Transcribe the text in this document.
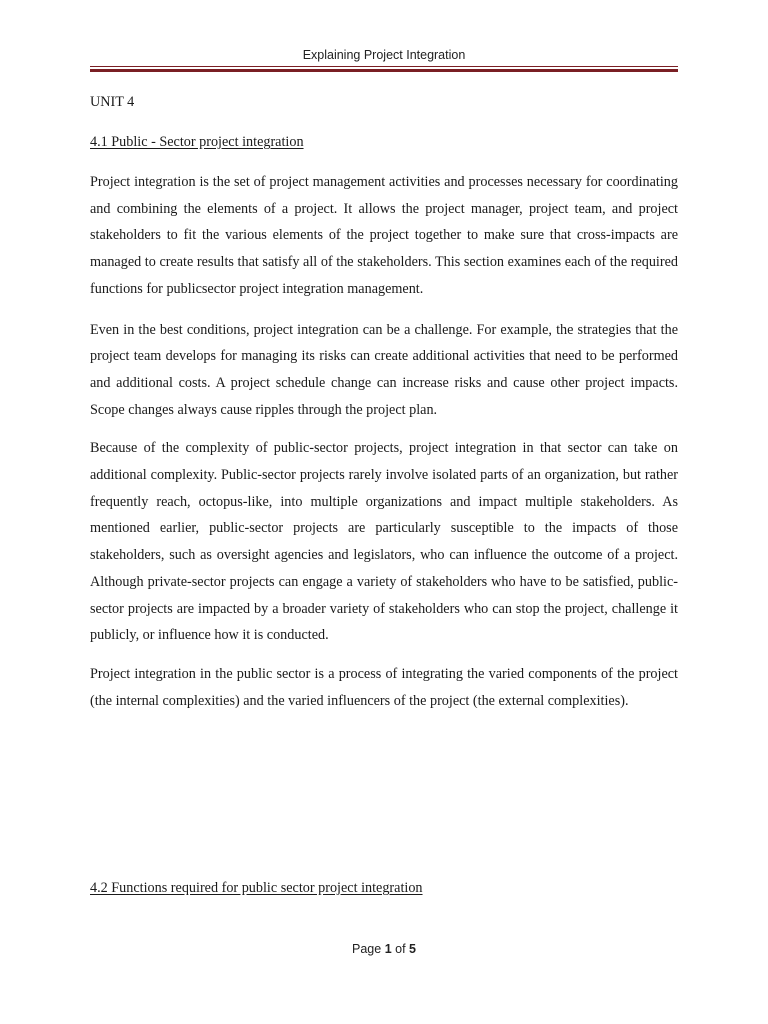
Explaining Project Integration

UNIT 4

4.1 Public - Sector project integration

Project integration is the set of project management activities and processes necessary for coordinating and combining the elements of a project. It allows the project manager, project team, and project stakeholders to fit the various elements of the project together to make sure that cross-impacts are managed to create results that satisfy all of the stakeholders. This section examines each of the required functions for publicsector project integration management.

Even in the best conditions, project integration can be a challenge. For example, the strategies that the project team develops for managing its risks can create additional activities that need to be performed and additional costs. A project schedule change can increase risks and cause other project impacts. Scope changes always cause ripples through the project plan.

Because of the complexity of public-sector projects, project integration in that sector can take on additional complexity. Public-sector projects rarely involve isolated parts of an organization, but rather frequently reach, octopus-like, into multiple organizations and impact multiple stakeholders. As mentioned earlier, public-sector projects are particularly susceptible to the impacts of those stakeholders, such as oversight agencies and legislators, who can influence the outcome of a project. Although private-sector projects can engage a variety of stakeholders who have to be satisfied, public-sector projects are impacted by a broader variety of stakeholders who can stop the project, challenge it publicly, or influence how it is conducted.

Project integration in the public sector is a process of integrating the varied components of the project (the internal complexities) and the varied influencers of the project (the external complexities).

4.2 Functions required for public sector project integration

Page 1 of 5
